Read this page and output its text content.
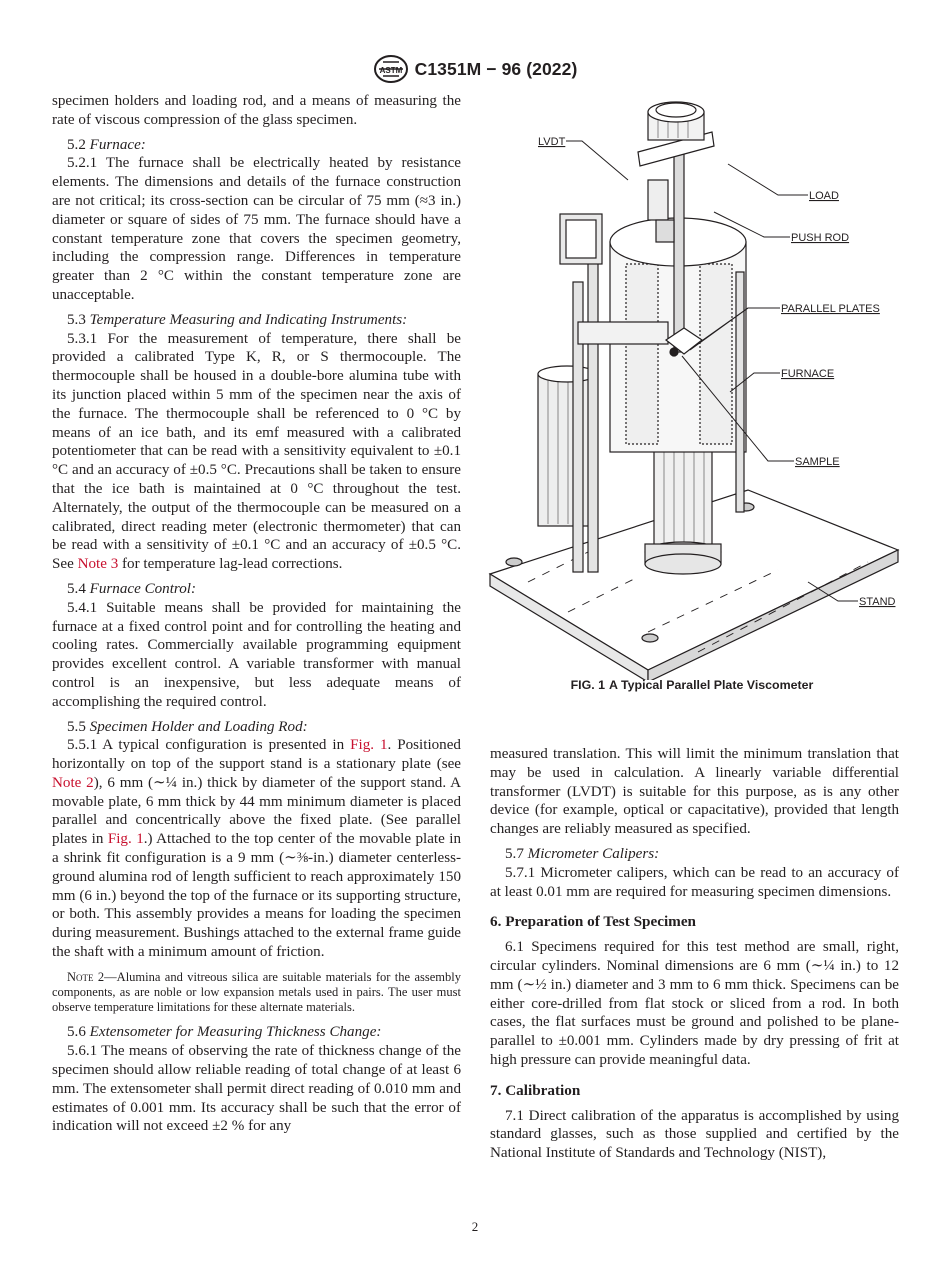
ASTM C1351M − 96 (2022)

specimen holders and loading rod, and a means of measuring the rate of viscous compression of the glass specimen.

5.2 Furnace:

5.2.1 The furnace shall be electrically heated by resistance elements. The dimensions and details of the furnace construction are not critical; its cross-section can be circular of 75 mm (≈3 in.) diameter or square of sides of 75 mm. The furnace should have a constant temperature zone that covers the specimen geometry, including the compression range. Differences in temperature greater than 2 °C within the constant temperature zone are unacceptable.

5.3 Temperature Measuring and Indicating Instruments:

5.3.1 For the measurement of temperature, there shall be provided a calibrated Type K, R, or S thermocouple. The thermocouple shall be housed in a double-bore alumina tube with its junction placed within 5 mm of the specimen near the axis of the furnace. The thermocouple shall be referenced to 0 °C by means of an ice bath, and its emf measured with a calibrated potentiometer that can be read with a sensitivity equivalent to ±0.1 °C and an accuracy of ±0.5 °C. Precautions shall be taken to ensure that the ice bath is maintained at 0 °C throughout the test. Alternately, the output of the thermocouple can be measured on a calibrated, direct reading meter (electronic thermometer) that can be read with a sensitivity of ±0.1 °C and an accuracy of ±0.5 °C. See Note 3 for temperature lag-lead corrections.

5.4 Furnace Control:

5.4.1 Suitable means shall be provided for maintaining the furnace at a fixed control point and for controlling the heating and cooling rates. Commercially available programming equipment provides excellent control. A variable transformer with manual control is an inexpensive, but less adequate means of accomplishing the required control.

5.5 Specimen Holder and Loading Rod:

5.5.1 A typical configuration is presented in Fig. 1. Positioned horizontally on top of the support stand is a stationary plate (see Note 2), 6 mm (∼¼ in.) thick by diameter of the support stand. A movable plate, 6 mm thick by 44 mm minimum diameter is placed parallel and concentrically above the fixed plate. (See parallel plates in Fig. 1.) Attached to the top center of the movable plate in a shrink fit configuration is a 9 mm (∼⅜-in.) diameter centerless-ground alumina rod of length sufficient to reach approximately 150 mm (6 in.) beyond the top of the furnace or its supporting structure, or both. This assembly provides a means for loading the specimen during measurement. Bushings attached to the external frame guide the shaft with a minimum amount of friction.

Note 2—Alumina and vitreous silica are suitable materials for the assembly components, as are noble or low expansion metals used in pairs. The user must observe temperature limitations for these alternate materials.

5.6 Extensometer for Measuring Thickness Change:

5.6.1 The means of observing the rate of thickness change of the specimen should allow reliable reading of total change of at least 6 mm. The extensometer shall permit direct reading of 0.010 mm and estimates of 0.001 mm. Its accuracy shall be such that the error of indication will not exceed ±2 % for any

LVDT
LOAD
PUSH ROD
PARALLEL PLATES
FURNACE
SAMPLE
STAND
FIG. 1 A Typical Parallel Plate Viscometer

measured translation. This will limit the minimum translation that may be used in calculation. A linearly variable differential transformer (LVDT) is suitable for this purpose, as is any other device (for example, optical or capacitative), provided that length changes are reliably measured as specified.

5.7 Micrometer Calipers:

5.7.1 Micrometer calipers, which can be read to an accuracy of at least 0.01 mm are required for measuring specimen dimensions.

6. Preparation of Test Specimen

6.1 Specimens required for this test method are small, right, circular cylinders. Nominal dimensions are 6 mm (∼¼ in.) to 12 mm (∼½ in.) diameter and 3 mm to 6 mm thick. Specimens can be either core-drilled from flat stock or sliced from a rod. In both cases, the flat surfaces must be ground and polished to be plane-parallel to ±0.001 mm. Cylinders made by dry pressing of frit at high pressure can provide meaningful data.

7. Calibration

7.1 Direct calibration of the apparatus is accomplished by using standard glasses, such as those supplied and certified by the National Institute of Standards and Technology (NIST),

2
